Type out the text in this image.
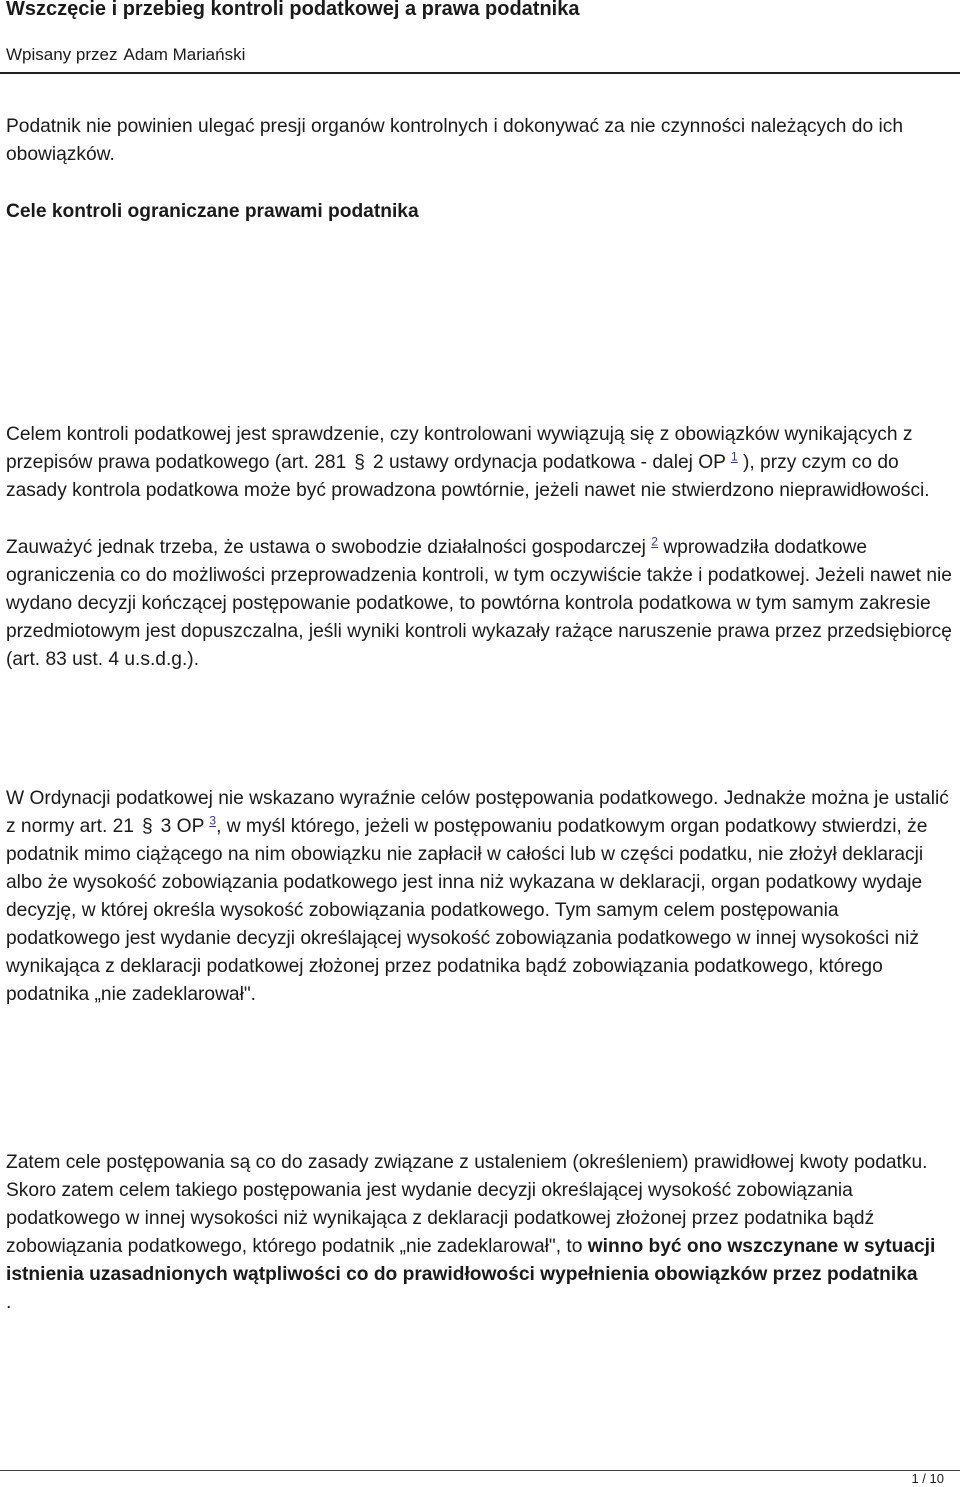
Wszczęcie i przebieg kontroli podatkowej a prawa podatnika
Wpisany przez Adam Mariański

Podatnik nie powinien ulegać presji organów kontrolnych i dokonywać za nie czynności należących do ich obowiązków.

Cele kontroli ograniczane prawami podatnika

Celem kontroli podatkowej jest sprawdzenie, czy kontrolowani wywiązują się z obowiązków wynikających z przepisów prawa podatkowego (art. 281 § 2 ustawy ordynacja podatkowa - dalej OP $^1$ ), przy czym co do zasady kontrola podatkowa może być prowadzona powtórnie, jeżeli nawet nie stwierdzono nieprawidłowości.

Zauważyć jednak trzeba, że ustawa o swobodzie działalności gospodarczej $^2$ wprowadziła dodatkowe ograniczenia co do możliwości przeprowadzenia kontroli, w tym oczywiście także i podatkowej. Jeżeli nawet nie wydano decyzji kończącej postępowanie podatkowe, to powtórna kontrola podatkowa w tym samym zakresie przedmiotowym jest dopuszczalna, jeśli wyniki kontroli wykazały rażące naruszenie prawa przez przedsiębiorcę (art. 83 ust. 4 u.s.d.g.).

W Ordynacji podatkowej nie wskazano wyraźnie celów postępowania podatkowego. Jednakże można je ustalić z normy art. 21 § 3 OP $^3$, w myśl którego, jeżeli w postępowaniu podatkowym organ podatkowy stwierdzi, że podatnik mimo ciążącego na nim obowiązku nie zapłacił w całości lub w części podatku, nie złożył deklaracji albo że wysokość zobowiązania podatkowego jest inna niż wykazana w deklaracji, organ podatkowy wydaje decyzję, w której określa wysokość zobowiązania podatkowego. Tym samym celem postępowania podatkowego jest wydanie decyzji określającej wysokość zobowiązania podatkowego w innej wysokości niż wynikająca z deklaracji podatkowej złożonej przez podatnika bądź zobowiązania podatkowego, którego podatnika „nie zadeklarował".

Zatem cele postępowania są co do zasady związane z ustaleniem (określeniem) prawidłowej kwoty podatku. Skoro zatem celem takiego postępowania jest wydanie decyzji określającej wysokość zobowiązania podatkowego w innej wysokości niż wynikająca z deklaracji podatkowej złożonej przez podatnika bądź zobowiązania podatkowego, którego podatnik „nie zadeklarował", to winno być ono wszczynane w sytuacji istnienia uzasadnionych wątpliwości co do prawidłowości wypełnienia obowiązków przez podatnika
.

1 / 10
